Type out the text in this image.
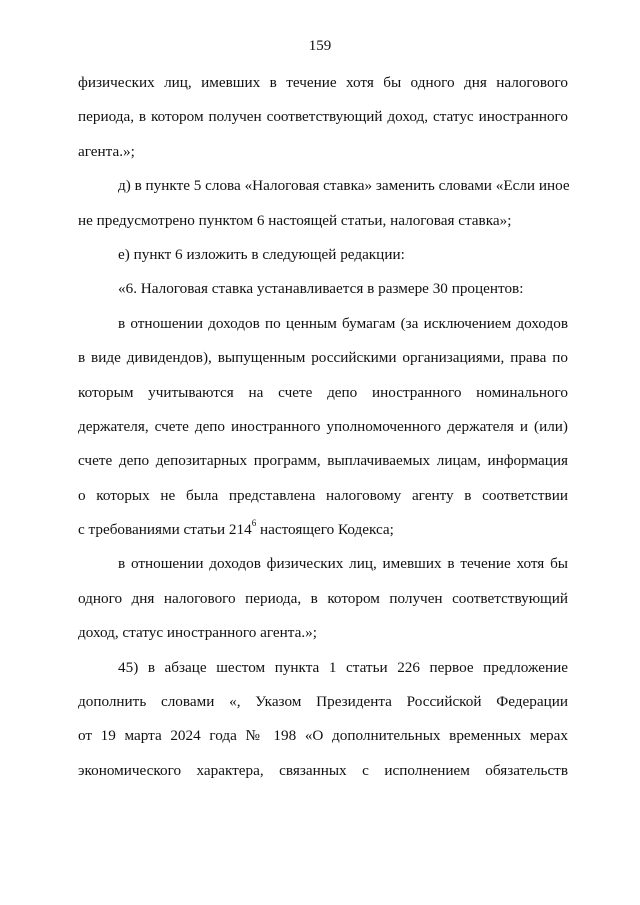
159
физических лиц, имевших в течение хотя бы одного дня налогового
периода, в котором получен соответствующий доход, статус иностранного
агента.»;
д) в пункте 5 слова «Налоговая ставка» заменить словами «Если иное
не предусмотрено пунктом 6 настоящей статьи, налоговая ставка»;
е) пункт 6 изложить в следующей редакции:
«6. Налоговая ставка устанавливается в размере 30 процентов:
в отношении доходов по ценным бумагам (за исключением доходов
в виде дивидендов), выпущенным российскими организациями, права по
которым учитываются на счете депо иностранного номинального
держателя, счете депо иностранного уполномоченного держателя и (или)
счете депо депозитарных программ, выплачиваемых лицам, информация
о которых не была представлена налоговому агенту в соответствии
с требованиями статьи $214^6$ настоящего Кодекса;
в отношении доходов физических лиц, имевших в течение хотя бы
одного дня налогового периода, в котором получен соответствующий
доход, статус иностранного агента.»;
45) в абзаце шестом пункта 1 статьи 226 первое предложение
дополнить словами «, Указом Президента Российской Федерации
от 19 марта 2024 года № 198 «О дополнительных временных мерах
экономического характера, связанных с исполнением обязательств
